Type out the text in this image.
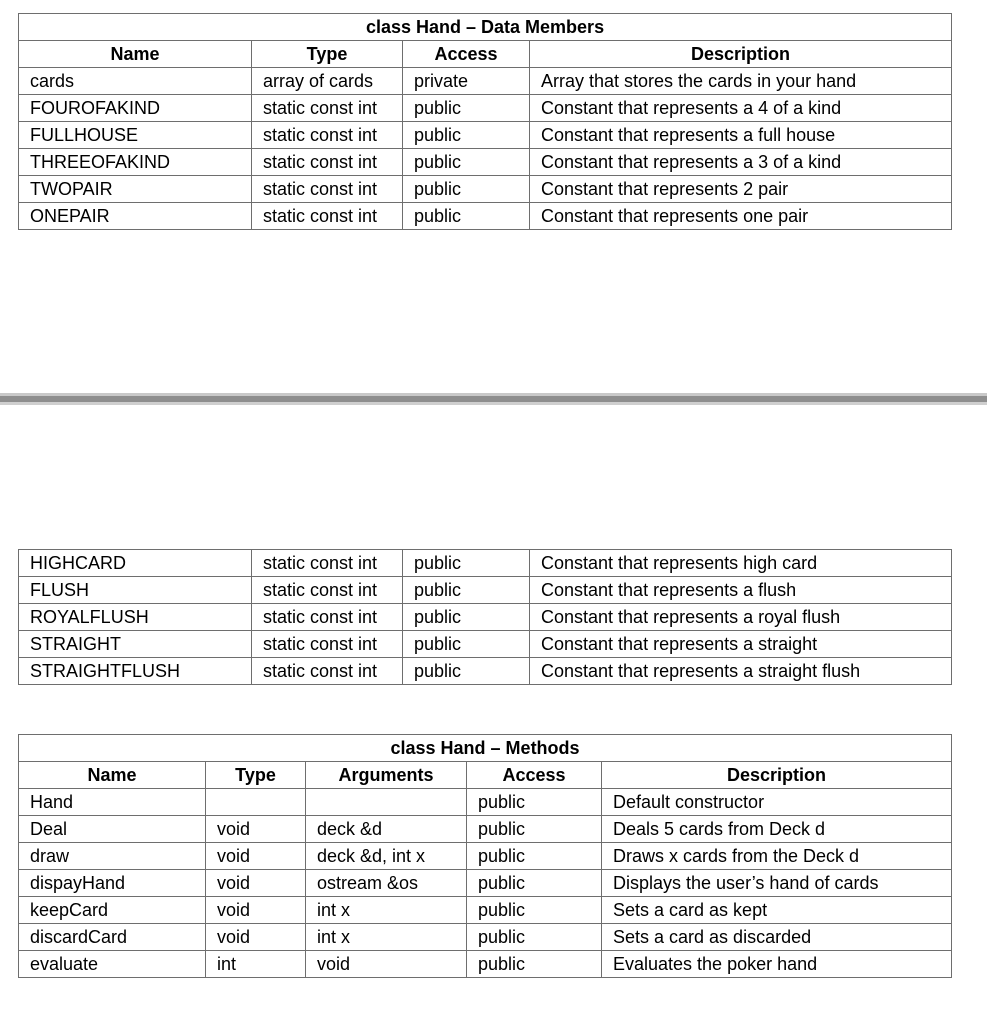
class Hand – Data Members			
Name	Type	Access	Description
cards	array of cards	private	Array that stores the cards in your hand
FOUROFAKIND	static const int	public	Constant that represents a 4 of a kind
FULLHOUSE	static const int	public	Constant that represents a full house
THREEOFAKIND	static const int	public	Constant that represents a 3 of a kind
TWOPAIR	static const int	public	Constant that represents 2 pair
ONEPAIR	static const int	public	Constant that represents one pair
HIGHCARD	static const int	public	Constant that represents high card
FLUSH	static const int	public	Constant that represents a flush
ROYALFLUSH	static const int	public	Constant that represents a royal flush
STRAIGHT	static const int	public	Constant that represents a straight
STRAIGHTFLUSH	static const int	public	Constant that represents a straight flush
class Hand – Methods				
Name	Type	Arguments	Access	Description
Hand			public	Default constructor
Deal	void	deck &d	public	Deals 5 cards from Deck d
draw	void	deck &d, int x	public	Draws x cards from the Deck d
dispayHand	void	ostream &os	public	Displays the user’s hand of cards
keepCard	void	int x	public	Sets a card as kept
discardCard	void	int x	public	Sets a card as discarded
evaluate	int	void	public	Evaluates the poker hand
